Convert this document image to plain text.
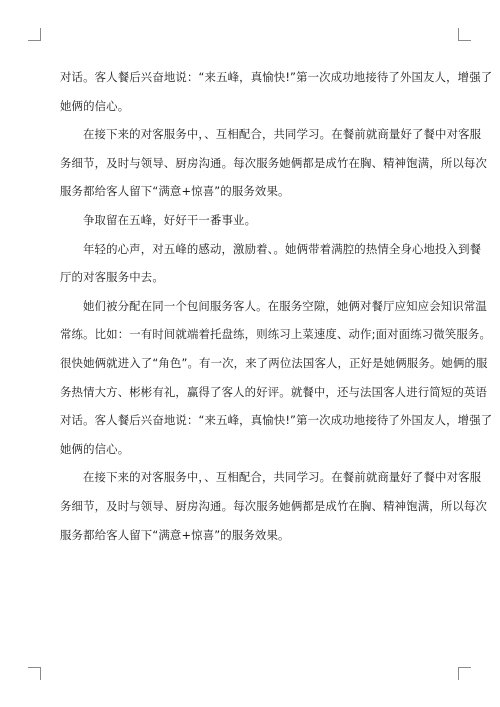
对话。客人餐后兴奋地说：“来五峰，真愉快!”第一次成功地接待了外国友人，增强了
她俩的信心。
在接下来的对客服务中，、互相配合，共同学习。在餐前就商量好了餐中对客服
务细节，及时与领导、厨房沟通。每次服务她俩都是成竹在胸、精神饱满，所以每次
服务都给客人留下“满意+惊喜”的服务效果。
争取留在五峰，好好干一番事业。
年轻的心声，对五峰的感动，激励着、。她俩带着满腔的热情全身心地投入到餐
厅的对客服务中去。
她们被分配在同一个包间服务客人。在服务空隙，她俩对餐厅应知应会知识常温
常练。比如：一有时间就端着托盘练，则练习上菜速度、动作;面对面练习微笑服务。
很快她俩就进入了“角色”。有一次，来了两位法国客人，正好是她俩服务。她俩的服
务热情大方、彬彬有礼，赢得了客人的好评。就餐中，还与法国客人进行简短的英语
对话。客人餐后兴奋地说：“来五峰，真愉快!”第一次成功地接待了外国友人，增强了
她俩的信心。
在接下来的对客服务中，、互相配合，共同学习。在餐前就商量好了餐中对客服
务细节，及时与领导、厨房沟通。每次服务她俩都是成竹在胸、精神饱满，所以每次
服务都给客人留下“满意+惊喜”的服务效果。
